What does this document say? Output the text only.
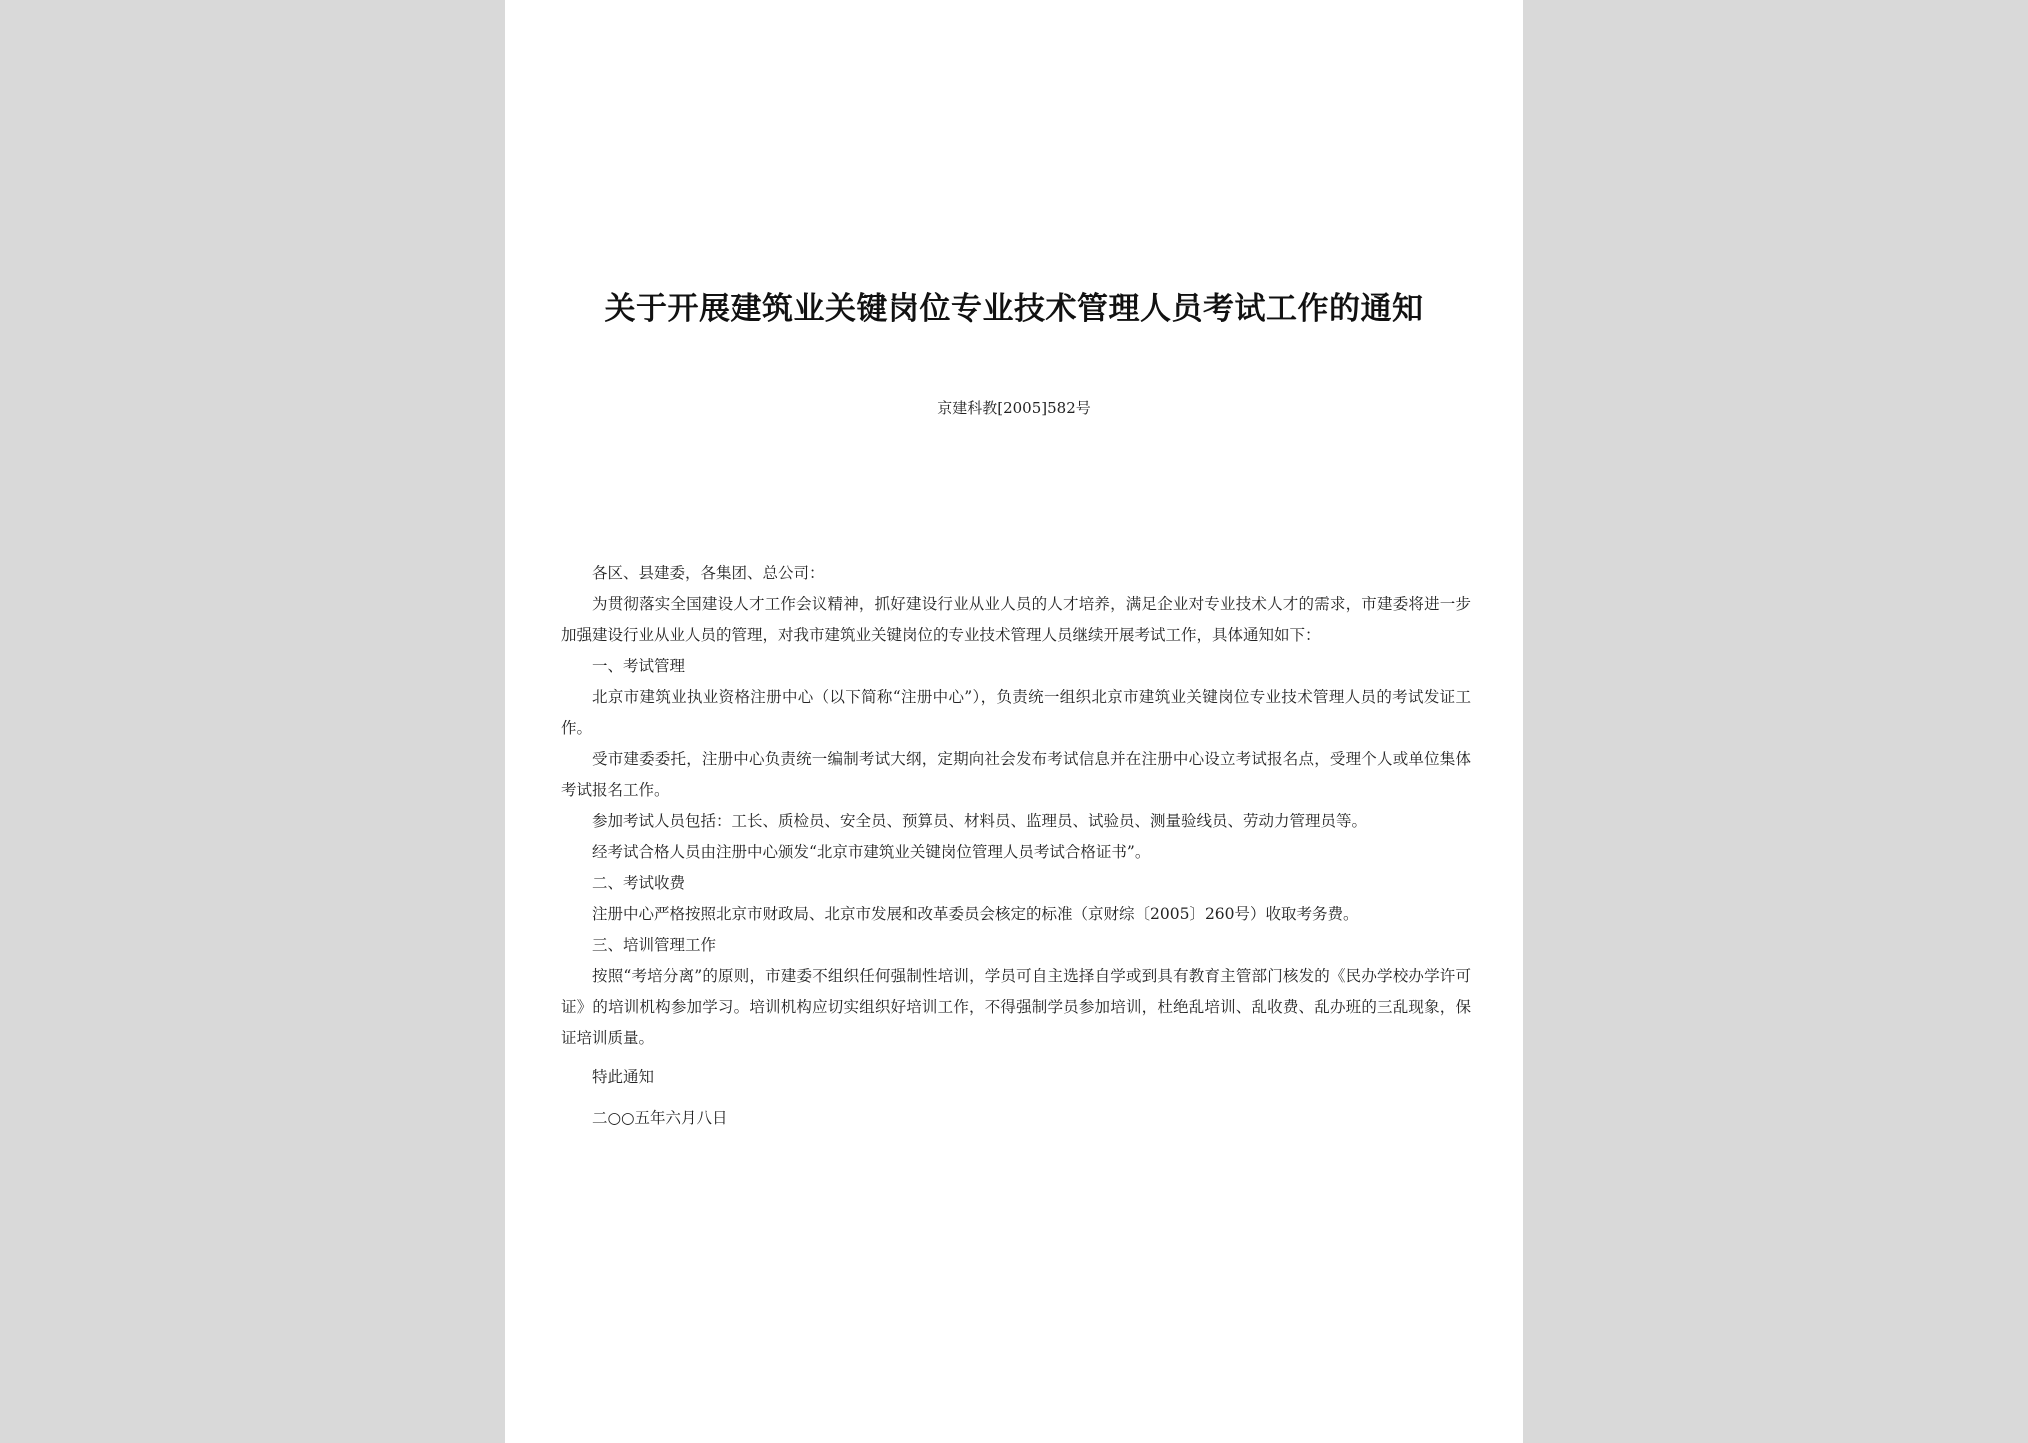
关于开展建筑业关键岗位专业技术管理人员考试工作的通知
京建科教[2005]582号

各区、县建委，各集团、总公司：

为贯彻落实全国建设人才工作会议精神，抓好建设行业从业人员的人才培养，满足企业对专业技术人才的需求，市建委将进一步加强建设行业从业人员的管理，对我市建筑业关键岗位的专业技术管理人员继续开展考试工作，具体通知如下：

一、考试管理

北京市建筑业执业资格注册中心（以下简称“注册中心”），负责统一组织北京市建筑业关键岗位专业技术管理人员的考试发证工作。

受市建委委托，注册中心负责统一编制考试大纲，定期向社会发布考试信息并在注册中心设立考试报名点，受理个人或单位集体考试报名工作。

参加考试人员包括：工长、质检员、安全员、预算员、材料员、监理员、试验员、测量验线员、劳动力管理员等。

经考试合格人员由注册中心颁发“北京市建筑业关键岗位管理人员考试合格证书”。

二、考试收费

注册中心严格按照北京市财政局、北京市发展和改革委员会核定的标准（京财综〔2005〕260号）收取考务费。

三、培训管理工作

按照“考培分离”的原则，市建委不组织任何强制性培训，学员可自主选择自学或到具有教育主管部门核发的《民办学校办学许可证》的培训机构参加学习。培训机构应切实组织好培训工作，不得强制学员参加培训，杜绝乱培训、乱收费、乱办班的三乱现象，保证培训质量。

特此通知

二○○五年六月八日
